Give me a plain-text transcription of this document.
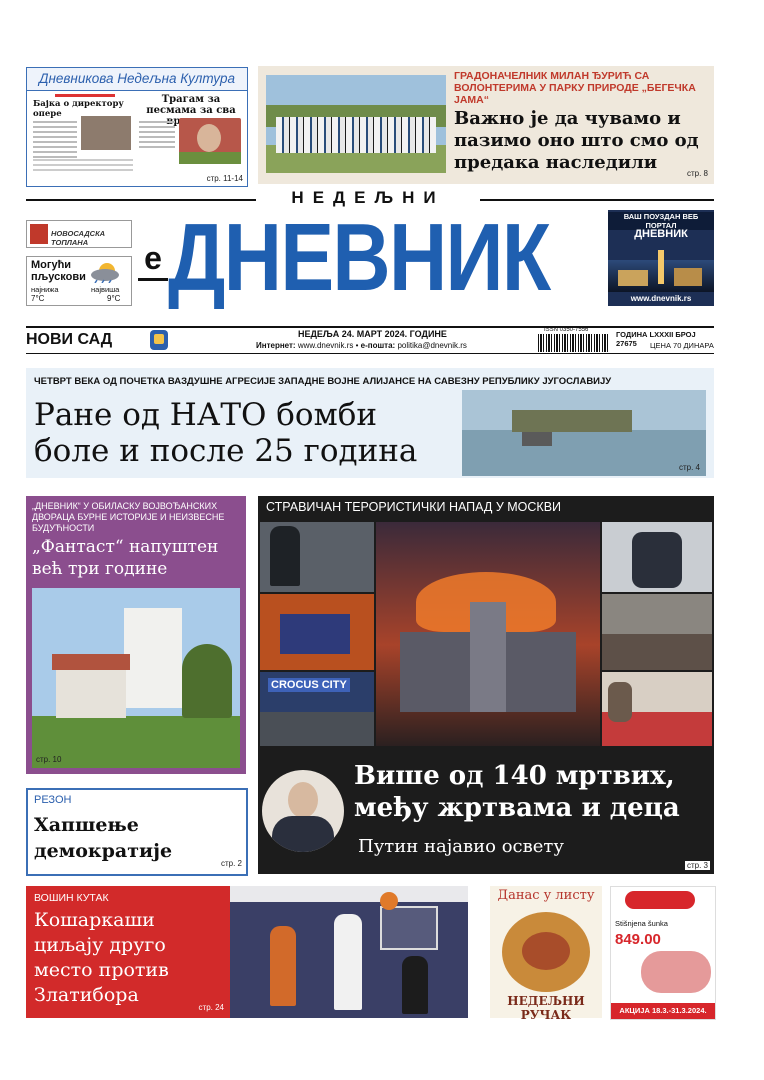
Дневникова Недељна Култура
Бајка о директору опере
Трагам за песмама за сва
стр. 11-14
ГРАДОНАЧЕЛНИК МИЛАН ЂУРИЋ СА ВОЛОНТЕРИМА У ПАРКУ ПРИРОДЕ „БЕГЕЧКА ЈАМА“
Важно је да чувамо и пазимо оно што смо од предака наследили
стр. 8
НЕДЕЉНИ
е ДНЕВНИК
НОВОСАДСКА ТОПЛАНА
Могући пљускови
најнижа
7°C
највиша
9°C
ВАШ ПОУЗДАН ВЕБ ПОРТАЛ
ДНЕВНИК
www.dnevnik.rs
НОВИ САД	НЕДЕЉА 24. МАРТ 2024. ГОДИНЕ
Интернет: www.dnevnik.rs • е-пошта: politika@dnevnik.rs
ISSN 0350-7556	ГОДИНА LXXXII БРОЈ 27675	ЦЕНА 70 ДИНАРА
ЧЕТВРТ ВЕКА ОД ПОЧЕТКА ВАЗДУШНЕ АГРЕСИЈЕ ЗАПАДНЕ ВОЈНЕ АЛИЈАНСЕ НА САВЕЗНУ РЕПУБЛИКУ ЈУГОСЛАВИЈУ
Ране од НАТО бомби
боле и после 25 година	стр. 4
„ДНЕВНИК“ У ОБИЛАСКУ ВОЈВОЂАНСКИХ ДВОРАЦА БУРНЕ ИСТОРИЈЕ И НЕИЗВЕСНЕ БУДУЋНОСТИ
„Фантаст“ напуштен већ три године
стр. 10
РЕЗОН
Хапшење
демократије
стр. 2
СТРАВИЧАН ТЕРОРИСТИЧКИ НАПАД У МОСКВИ
CROCUS CITY
Више од 140 мртвих,
међу жртвама и деца
Путин најавио освету
стр. 3
ВОШИН КУТАК
Кошаркаши циљају друго место против Златибора
стр. 24
Данас у листу
НЕДЕЉНИ РУЧАК
Stišnjena šunka
849.00
АКЦИЈА 18.3.-31.3.2024.
